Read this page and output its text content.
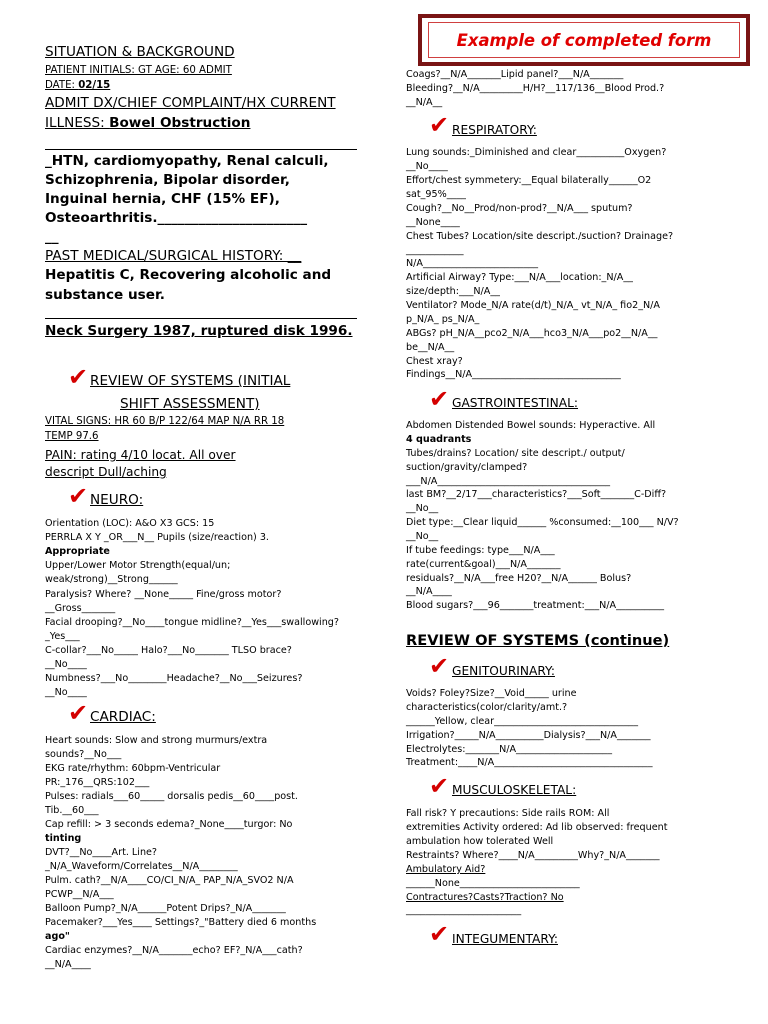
Example of completed form
SITUATION & BACKGROUND
PATIENT INITIALS: GT AGE: 60 ADMIT
DATE: 02/15
ADMIT DX/CHIEF COMPLAINT/HX CURRENT
ILLNESS: Bowel Obstruction
_HTN, cardiomyopathy, Renal calculi,
Schizophrenia, Bipolar disorder,
Inguinal hernia, CHF (15% EF),
Osteoarthritis.______________________
__
PAST MEDICAL/SURGICAL HISTORY: __
Hepatitis C, Recovering alcoholic and
substance user.
Neck Surgery 1987, ruptured disk 1996.
✔ REVIEW OF SYSTEMS (INITIAL
SHIFT ASSESSMENT)
VITAL SIGNS: HR 60 B/P 122/64 MAP N/A RR 18
TEMP 97.6
PAIN: rating 4/10 locat. All over
descript Dull/aching
✔ NEURO:
Orientation (LOC): A&O X3 GCS: 15
PERRLA X Y _OR___N__ Pupils (size/reaction) 3.
Appropriate
Upper/Lower Motor Strength(equal/un;
weak/strong)__Strong______
Paralysis? Where? __None_____ Fine/gross motor?
__Gross_______
Facial drooping?__No____tongue midline?__Yes___swallowing?
_Yes___
C-collar?___No_____ Halo?___No_______ TLSO brace?
__No____
Numbness?___No________Headache?__No___Seizures?
__No____
✔ CARDIAC:
Heart sounds: Slow and strong murmurs/extra
sounds?__No___
EKG rate/rhythm: 60bpm-Ventricular
PR:_176__QRS:102___
Pulses: radials___60_____ dorsalis pedis__60____post.
Tib.__60___
Cap refill: > 3 seconds edema?_None____turgor: No
tinting
DVT?__No____Art. Line?
_N/A_Waveform/Correlates__N/A________
Pulm. cath?__N/A____CO/CI_N/A_ PAP_N/A_SVO2 N/A
PCWP__N/A___
Balloon Pump?_N/A______Potent Drips?_N/A_______
Pacemaker?___Yes____ Settings?_"Battery died 6 months
ago"
Cardiac enzymes?__N/A_______echo? EF?_N/A___cath?
__N/A____
Coags?__N/A_______Lipid panel?___N/A_______
Bleeding?__N/A_________H/H?__117/136__Blood Prod.?
__N/A__
✔ RESPIRATORY:
Lung sounds:_Diminished and clear__________Oxygen?
__No____
Effort/chest symmetery:__Equal bilaterally______O2
sat_95%____
Cough?__No__Prod/non-prod?__N/A___ sputum?
__None____
Chest Tubes? Location/site descript./suction? Drainage?
____________
N/A________________________
Artificial Airway? Type:___N/A___location:_N/A__
size/depth:___N/A__
Ventilator? Mode_N/A rate(d/t)_N/A_ vt_N/A_ fio2_N/A
p_N/A_ ps_N/A_
ABGs? pH_N/A__pco2_N/A___hco3_N/A___po2__N/A__
be__N/A__
Chest xray?
Findings__N/A_______________________________
✔ GASTROINTESTINAL:
Abdomen Distended Bowel sounds: Hyperactive. All
4 quadrants
Tubes/drains? Location/ site descript./ output/
suction/gravity/clamped?
___N/A____________________________________
last BM?__2/17___characteristics?___Soft_______C-Diff?
__No__
Diet type:__Clear liquid______ %consumed:__100___ N/V?
__No__
If tube feedings: type___N/A___
rate(current&goal)___N/A_______
residuals?__N/A___free H20?__N/A______ Bolus?
__N/A____
Blood sugars?___96_______treatment:___N/A__________
REVIEW OF SYSTEMS (continue)
✔ GENITOURINARY:
Voids? Foley?Size?__Void_____ urine
characteristics(color/clarity/amt.?
______Yellow, clear______________________________
Irrigation?_____N/A__________Dialysis?___N/A_______
Electrolytes:_______N/A____________________
Treatment:____N/A_________________________________
✔ MUSCULOSKELETAL:
Fall risk? Y precautions: Side rails ROM: All
extremities Activity ordered: Ad lib observed: frequent
ambulation how tolerated Well
Restraints? Where?____N/A_________Why?_N/A_______
Ambulatory Aid?
______None_________________________
Contractures?Casts?Traction? No
________________________
✔ INTEGUMENTARY:
